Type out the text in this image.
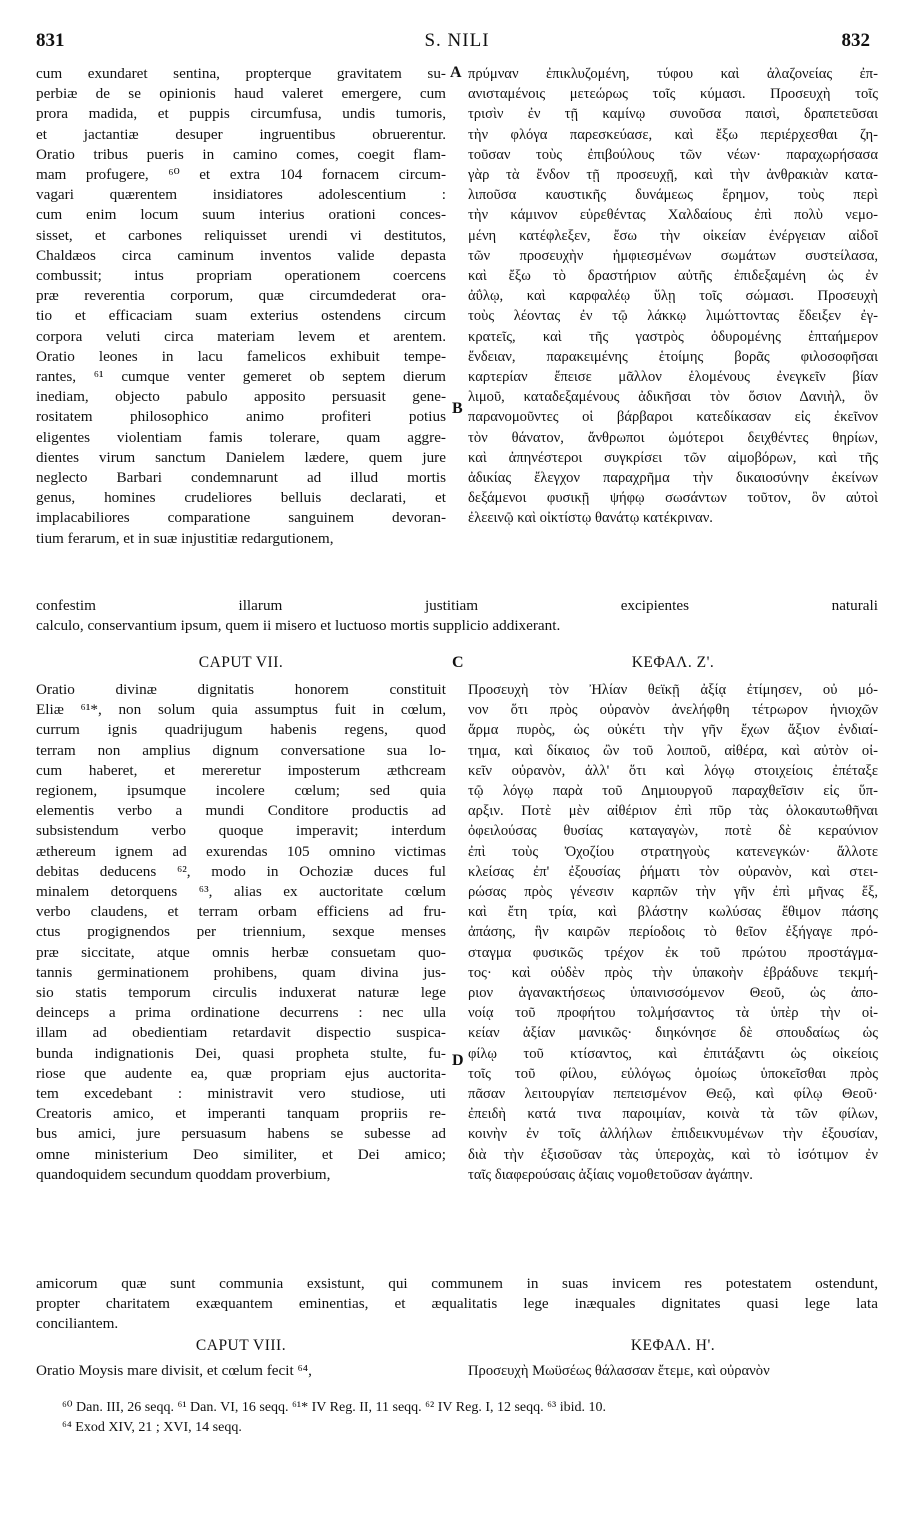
831	S. NILI	832
A
B
C
D
cum exundaret sentina, propterque gravitatem su-
perbiæ de se opinionis haud valeret emergere, cum
prora madida, et puppis circumfusa, undis tumoris,
et jactantiæ desuper ingruentibus obruerentur.
Oratio tribus pueris in camino comes, coegit flam-
mam profugere, ⁶⁰ et extra 104 fornacem circum-
vagari quærentem insidiatores adolescentium :
cum enim locum suum interius orationi conces-
sisset, et carbones reliquisset urendi vi destitutos,
Chaldæos circa caminum inventos valide depasta
combussit; intus propriam operationem coercens
præ reverentia corporum, quæ circumdederat ora-
tio et efficaciam suam exterius ostendens circum
corpora veluti circa materiam levem et arentem.
Oratio leones in lacu famelicos exhibuit tempe-
rantes, ⁶¹ cumque venter gemeret ob septem dierum
inediam, objecto pabulo apposito persuasit gene-
rositatem philosophico animo profiteri potius
eligentes violentiam famis tolerare, quam aggre-
dientes virum sanctum Danielem lædere, quem jure
neglecto Barbari condemnarunt ad illud mortis
genus, homines crudeliores belluis declarati, et
implacabiliores comparatione sanguinem devoran-
tium ferarum, et in suæ injustitiæ redargutionem,
πρύμναν ἐπικλυζομένη, τύφου καὶ ἀλαζονείας ἐπ-
ανισταμένοις μετεώρως τοῖς κύμασι. Προσευχὴ τοῖς
τρισὶν ἐν τῇ καμίνῳ συνοῦσα παισὶ, δραπετεῦσαι
τὴν φλόγα παρεσκεύασε, καὶ ἔξω περιέρχεσθαι ζη-
τοῦσαν τοὺς ἐπιβούλους τῶν νέων· παραχωρήσασα
γὰρ τὰ ἔνδον τῇ προσευχῇ, καὶ τὴν ἀνθρακιὰν κατα-
λιποῦσα καυστικῆς δυνάμεως ἔρημον, τοὺς περὶ
τὴν κάμινον εὑρεθέντας Χαλδαίους ἐπὶ πολὺ νεμο-
μένη κατέφλεξεν, ἔσω τὴν οἰκείαν ἐνέργειαν αἰδοῖ
τῶν προσευχὴν ἠμφιεσμένων σωμάτων συστείλασα,
καὶ ἔξω τὸ δραστήριον αὐτῆς ἐπιδεξαμένη ὡς ἐν
ἀΰλῳ, καὶ καρφαλέῳ ὕλῃ τοῖς σώμασι. Προσευχὴ
τοὺς λέοντας ἐν τῷ λάκκῳ λιμώττοντας ἔδειξεν ἐγ-
κρατεῖς, καὶ τῆς γαστρὸς ὀδυρομένης ἑπταήμερον
ἔνδειαν, παρακειμένης ἑτοίμης βορᾶς φιλοσοφῆσαι
καρτερίαν ἔπεισε μᾶλλον ἑλομένους ἐνεγκεῖν βίαν
λιμοῦ, καταδεξαμένους ἀδικῆσαι τὸν ὅσιον Δανιὴλ, ὃν
παρανομοῦντες οἱ βάρβαροι κατεδίκασαν εἰς ἐκεῖνον
τὸν θάνατον, ἄνθρωποι ὠμότεροι δειχθέντες θηρίων,
καὶ ἀπηνέστεροι συγκρίσει τῶν αἱμοβόρων, καὶ τῆς
ἀδικίας ἔλεγχον παραχρῆμα τὴν δικαιοσύνην ἐκείνων
δεξάμενοι φυσικῇ ψήφῳ σωσάντων τοῦτον, ὃν αὐτοὶ
ἐλεεινῷ καὶ οἰκτίστῳ θανάτῳ κατέκριναν.
confestim illarum justitiam excipientes naturali
calculo, conservantium ipsum, quem ii misero et luctuoso mortis supplicio addixerant.
CAPUT VII.	ΚΕΦΑΛ. Ζ'.
Oratio divinæ dignitatis honorem constituit
Eliæ ⁶¹*, non solum quia assumptus fuit in cœlum,
currum ignis quadrijugum habenis regens, quod
terram non amplius dignum conversatione sua lo-
cum haberet, et mereretur imposterum æthcream
regionem, ipsumque incolere cœlum; sed quia
elementis verbo a mundi Conditore productis ad
subsistendum verbo quoque imperavit; interdum
æthereum ignem ad exurendas 105 omnino victimas
debitas deducens ⁶², modo in Ochoziæ duces ful
minalem detorquens ⁶³, alias ex auctoritate cœlum
verbo claudens, et terram orbam efficiens ad fru-
ctus progignendos per triennium, sexque menses
præ siccitate, atque omnis herbæ consuetam quo-
tannis germinationem prohibens, quam divina jus-
sio statis temporum circulis induxerat naturæ lege
deinceps a prima ordinatione decurrens : nec ulla
illam ad obedientiam retardavit dispectio suspica-
bunda indignationis Dei, quasi propheta stulte, fu-
riose que audente ea, quæ propriam ejus auctorita-
tem excedebant : ministravit vero studiose, uti
Creatoris amico, et imperanti tanquam propriis re-
bus amici, jure persuasum habens se subesse ad
omne ministerium Deo similiter, et Dei amico;
quandoquidem secundum quoddam proverbium,
Προσευχὴ τὸν Ἠλίαν θεϊκῇ ἀξίᾳ ἐτίμησεν, οὐ μό-
νον ὅτι πρὸς οὐρανὸν ἀνελήφθη τέτρωρον ἡνιοχῶν
ἅρμα πυρὸς, ὡς οὐκέτι τὴν γῆν ἔχων ἄξιον ἐνδιαί-
τημα, καὶ δίκαιος ὢν τοῦ λοιποῦ, αἰθέρα, καὶ αὐτὸν οἰ-
κεῖν οὐρανὸν, ἀλλ' ὅτι καὶ λόγῳ στοιχείοις ἐπέταξε
τῷ λόγῳ παρὰ τοῦ Δημιουργοῦ παραχθεῖσιν εἰς ὕπ-
αρξιν. Ποτὲ μὲν αἰθέριον ἐπὶ πῦρ τὰς ὁλοκαυτωθῆναι
ὀφειλούσας θυσίας καταγαγὼν, ποτὲ δὲ κεραύνιον
ἐπὶ τοὺς Ὀχοζίου στρατηγοὺς κατενεγκών· ἄλλοτε
κλείσας ἐπ' ἐξουσίας ῥήματι τὸν οὐρανὸν, καὶ στει-
ρώσας πρὸς γένεσιν καρπῶν τὴν γῆν ἐπὶ μῆνας ἕξ,
καὶ ἔτη τρία, καὶ βλάστην κωλύσας ἔθιμον πάσης
ἀπάσης, ἣν καιρῶν περίοδοις τὸ θεῖον ἐξήγαγε πρό-
σταγμα φυσικῶς τρέχον ἐκ τοῦ πρώτου προστάγμα-
τος· καὶ οὐδὲν πρὸς τὴν ὑπακοὴν ἐβράδυνε τεκμή-
ριον ἀγανακτήσεως ὑπαινισσόμενον Θεοῦ, ὡς ἀπο-
νοίᾳ τοῦ προφήτου τολμήσαντος τὰ ὑπὲρ τὴν οἰ-
κείαν ἀξίαν μανικῶς· διηκόνησε δὲ σπουδαίως ὡς
φίλῳ τοῦ κτίσαντος, καὶ ἐπιτάξαντι ὡς οἰκείοις
τοῖς τοῦ φίλου, εὐλόγως ὁμοίως ὑποκεῖσθαι πρὸς
πᾶσαν λειτουργίαν πεπεισμένον Θεῷ, καὶ φίλῳ Θεοῦ·
ἐπειδὴ κατά τινα παροιμίαν, κοινὰ τὰ τῶν φίλων,
κοινὴν ἐν τοῖς ἀλλήλων ἐπιδεικνυμένων τὴν ἐξουσίαν,
διὰ τὴν ἐξισοῦσαν τὰς ὑπεροχὰς, καὶ τὸ ἰσότιμον ἐν
ταῖς διαφερούσαις ἀξίαις νομοθετοῦσαν ἀγάπην.
amicorum quæ sunt communia exsistunt, qui communem in suas invicem res potestatem ostendunt,
propter charitatem exæquantem eminentias, et æqualitatis lege inæquales dignitates quasi lege lata
conciliantem.
CAPUT VIII.	ΚΕΦΑΛ. Η'.
Oratio Moysis mare divisit, et cœlum fecit ⁶⁴,	Προσευχὴ Μωϋσέως θάλασσαν ἔτεμε, καὶ οὐρανὸν
⁶⁰ Dan. III, 26 seqq. ⁶¹ Dan. VI, 16 seqq. ⁶¹* IV Reg. II, 11 seqq. ⁶² IV Reg. I, 12 seqq. ⁶³ ibid. 10.
⁶⁴ Exod XIV, 21 ; XVI, 14 seqq.
